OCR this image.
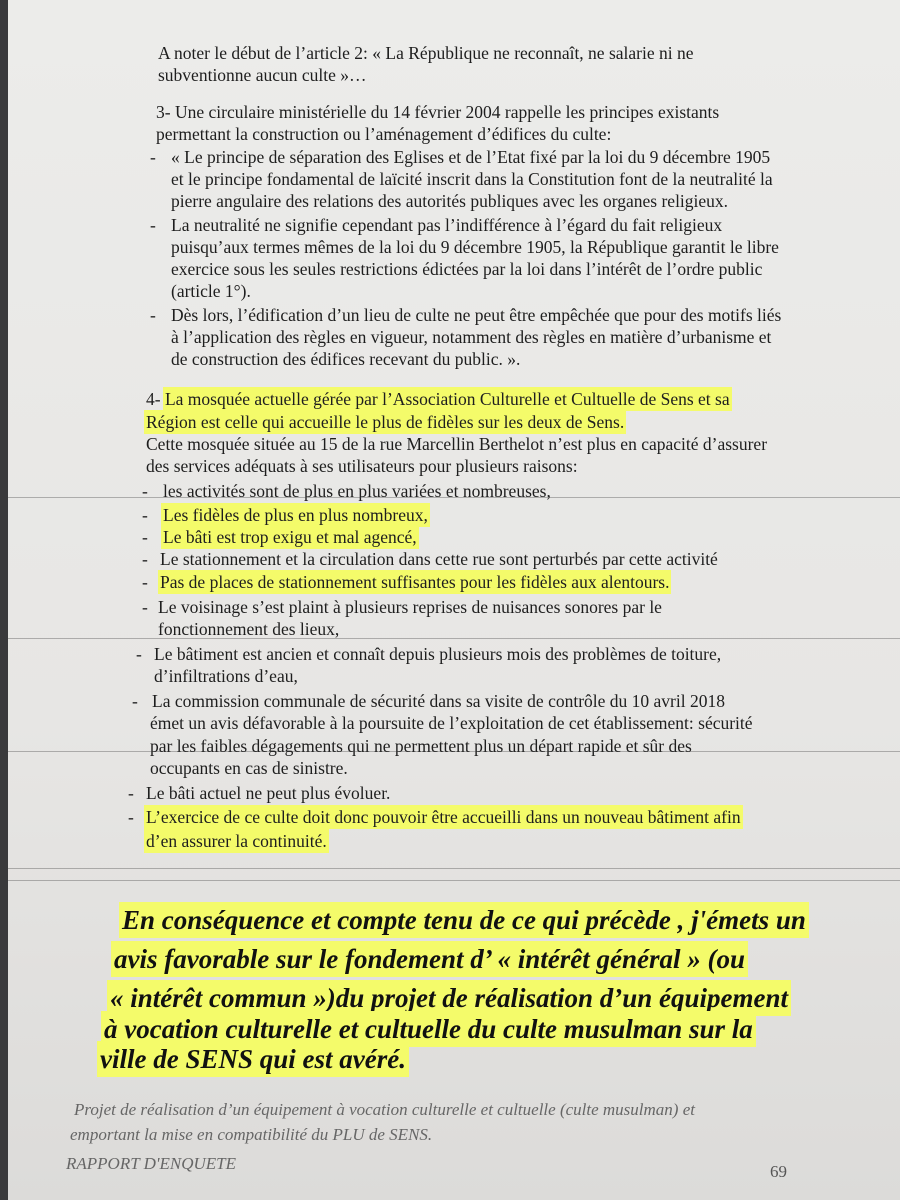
A noter le début de l’article 2: « La République ne reconnaît, ne salarie ni ne
subventionne aucun culte »…
3- Une circulaire ministérielle du 14 février 2004 rappelle les principes existants
permettant la construction ou l’aménagement d’édifices du culte:
- « Le principe de séparation des Eglises et de l’Etat fixé par la loi du 9 décembre 1905
et le principe fondamental de laïcité inscrit dans la Constitution font de la neutralité la
pierre angulaire des relations des autorités publiques avec les organes religieux.
- La neutralité ne signifie cependant pas l’indifférence à l’égard du fait religieux
puisqu’aux termes mêmes de la loi du 9 décembre 1905, la République garantit le libre
exercice sous les seules restrictions édictées par la loi dans l’intérêt de l’ordre public
(article 1°).
- Dès lors, l’édification d’un lieu de culte ne peut être empêchée que pour des motifs liés
à l’application des règles en vigueur, notamment des règles en matière d’urbanisme et
de construction des édifices recevant du public. ».
4- La mosquée actuelle gérée par l’Association Culturelle et Cultuelle de Sens et sa
Région est celle qui accueille le plus de fidèles sur les deux de Sens.
Cette mosquée située au 15 de la rue Marcellin Berthelot n’est plus en capacité d’assurer
des services adéquats à ses utilisateurs pour plusieurs raisons:
- les activités sont de plus en plus variées et nombreuses,
- Les fidèles de plus en plus nombreux,
- Le bâti est trop exigu et mal agencé,
- Le stationnement et la circulation dans cette rue sont perturbés par cette activité
- Pas de places de stationnement suffisantes pour les fidèles aux alentours.
- Le voisinage s’est plaint à plusieurs reprises de nuisances sonores par le
fonctionnement des lieux,
- Le bâtiment est ancien et connaît depuis plusieurs mois des problèmes de toiture,
d’infiltrations d’eau,
- La commission communale de sécurité dans sa visite de contrôle du 10 avril 2018
émet un avis défavorable à la poursuite de l’exploitation de cet établissement: sécurité
par les faibles dégagements qui ne permettent plus un départ rapide et sûr des
occupants en cas de sinistre.
- Le bâti actuel ne peut plus évoluer.
- L’exercice de ce culte doit donc pouvoir être accueilli dans un nouveau bâtiment afin
d’en assurer la continuité.
En conséquence et compte tenu de ce qui précède , j'émets un
avis favorable sur le fondement d’ « intérêt général » (ou
« intérêt commun »)du projet de réalisation d’un équipement
à vocation culturelle et cultuelle du culte musulman sur la
ville de SENS qui est avéré.
Projet de réalisation d’un équipement à vocation culturelle et cultuelle (culte musulman) et
emportant la mise en compatibilité du PLU de SENS.
RAPPORT D'ENQUETE	69
